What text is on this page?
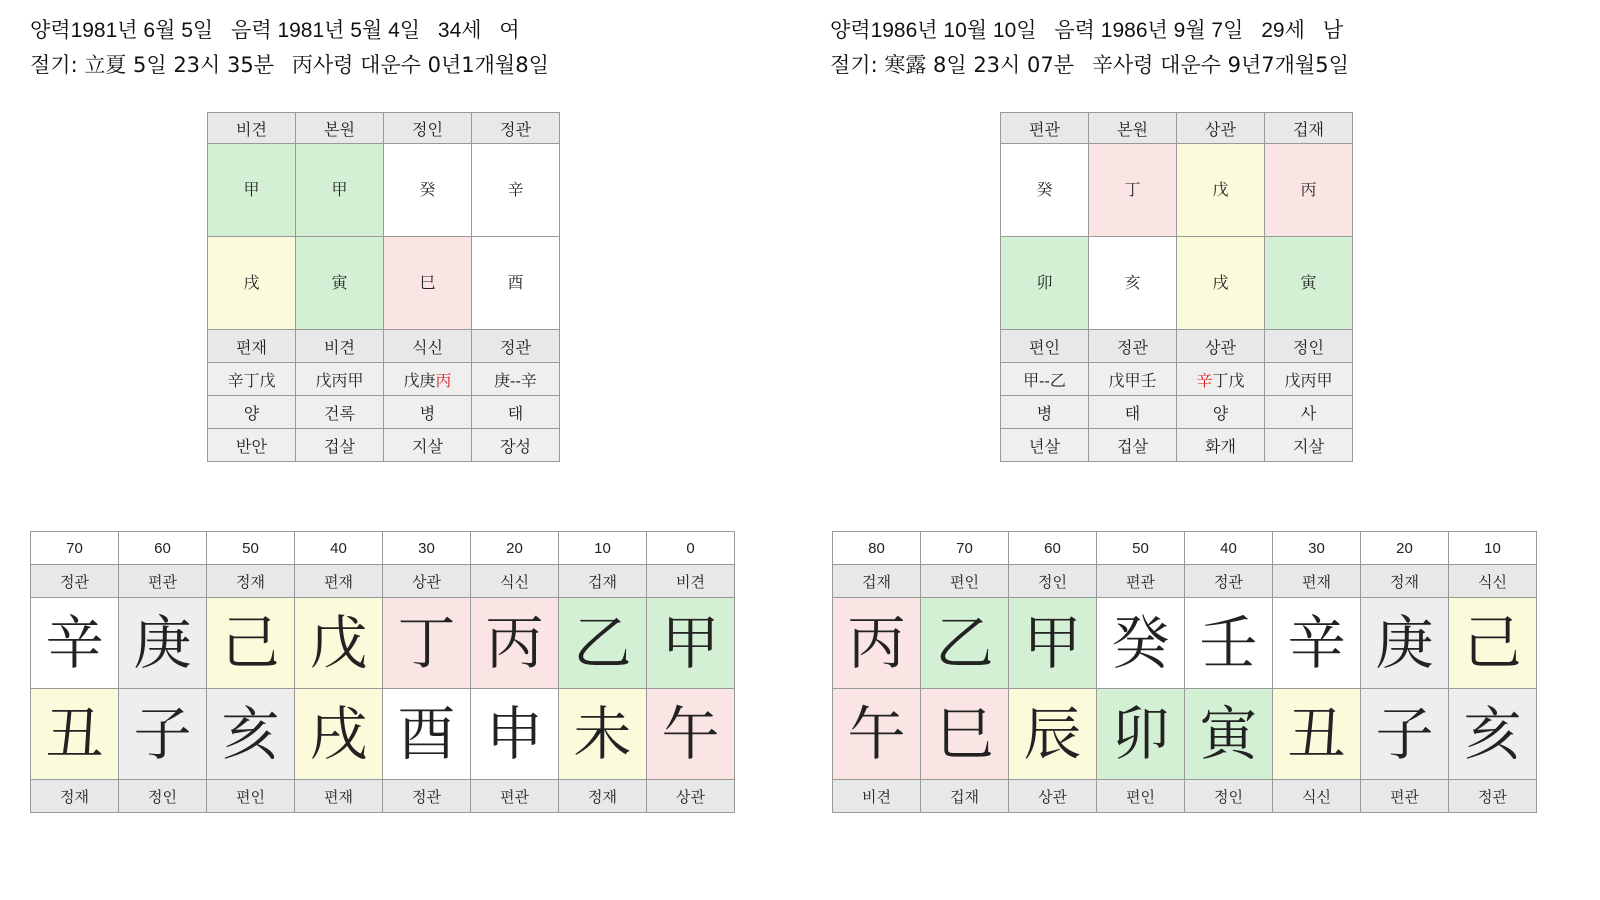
양력1981년 6월 5일 음력 1981년 5월 4일 34세 여
절기: 立夏 5일 23시 35분 丙사령 대운수 0년1개월8일
비견	본원	정인	정관
甲	甲	癸	辛
戌	寅	巳	酉
편재	비견	식신	정관
辛丁戊	戊丙甲	戊庚丙	庚--辛
양	건록	병	태
반안	겁살	지살	장성
70	60	50	40	30	20	10	0
정관	편관	정재	편재	상관	식신	겁재	비견
辛	庚	己	戊	丁	丙	乙	甲
丑	子	亥	戌	酉	申	未	午
정재	정인	편인	편재	정관	편관	정재	상관
양력1986년 10월 10일 음력 1986년 9월 7일 29세 남
절기: 寒露 8일 23시 07분 辛사령 대운수 9년7개월5일
편관	본원	상관	겁재
癸	丁	戊	丙
卯	亥	戌	寅
편인	정관	상관	정인
甲--乙	戊甲壬	辛丁戊	戊丙甲
병	태	양	사
년살	겁살	화개	지살
80	70	60	50	40	30	20	10
겁재	편인	정인	편관	정관	편재	정재	식신
丙	乙	甲	癸	壬	辛	庚	己
午	巳	辰	卯	寅	丑	子	亥
비견	겁재	상관	편인	정인	식신	편관	정관
